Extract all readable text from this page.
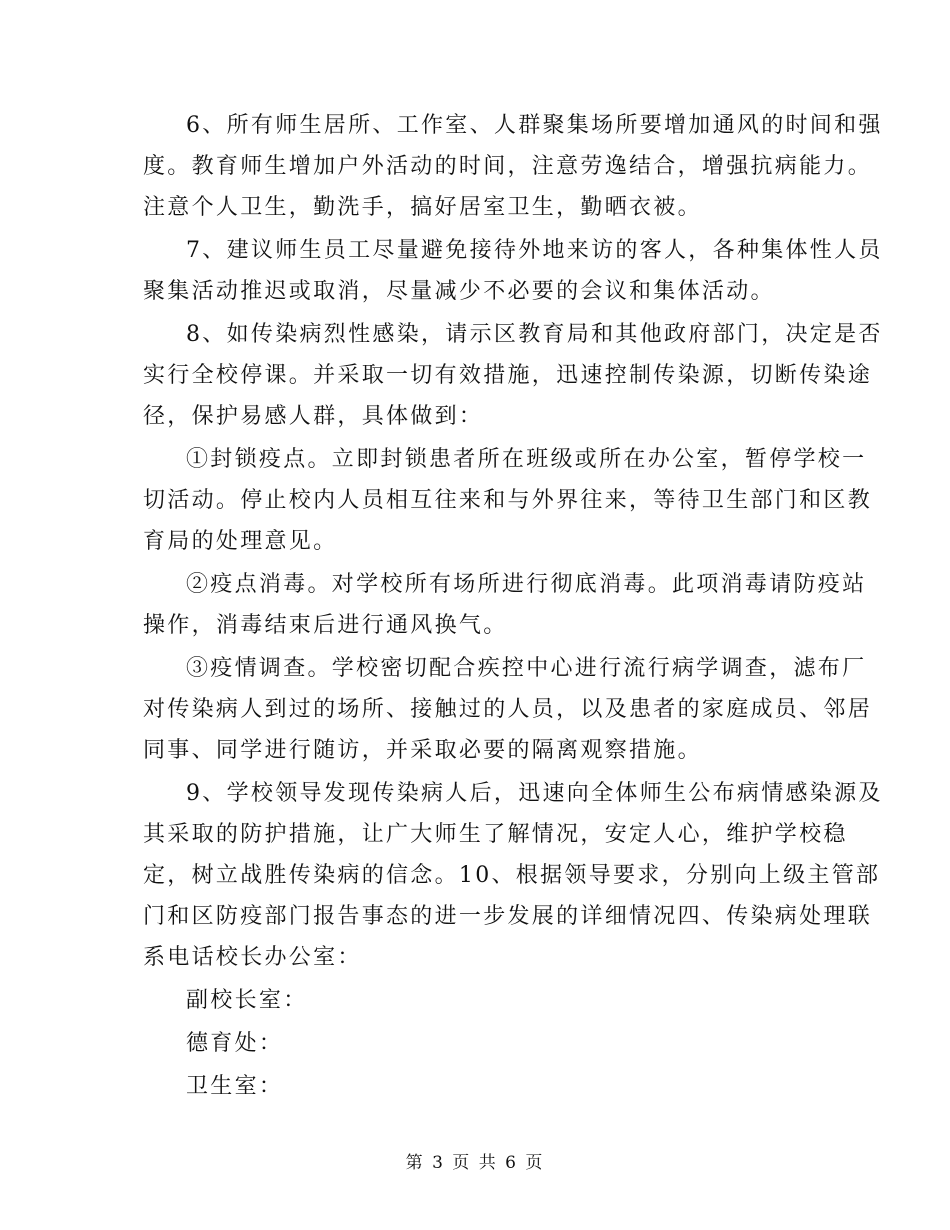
6、所有师生居所、工作室、人群聚集场所要增加通风的时间和强
度。教育师生增加户外活动的时间，注意劳逸结合，增强抗病能力。
注意个人卫生，勤洗手，搞好居室卫生，勤晒衣被。
7、建议师生员工尽量避免接待外地来访的客人，各种集体性人员
聚集活动推迟或取消，尽量减少不必要的会议和集体活动。
8、如传染病烈性感染，请示区教育局和其他政府部门，决定是否
实行全校停课。并采取一切有效措施，迅速控制传染源，切断传染途
径，保护易感人群，具体做到：
①封锁疫点。立即封锁患者所在班级或所在办公室，暂停学校一
切活动。停止校内人员相互往来和与外界往来，等待卫生部门和区教
育局的处理意见。
②疫点消毒。对学校所有场所进行彻底消毒。此项消毒请防疫站
操作，消毒结束后进行通风换气。
③疫情调查。学校密切配合疾控中心进行流行病学调查，滤布厂
对传染病人到过的场所、接触过的人员，以及患者的家庭成员、邻居
同事、同学进行随访，并采取必要的隔离观察措施。
9、学校领导发现传染病人后，迅速向全体师生公布病情感染源及
其采取的防护措施，让广大师生了解情况，安定人心，维护学校稳
定，树立战胜传染病的信念。10、根据领导要求，分别向上级主管部
门和区防疫部门报告事态的进一步发展的详细情况四、传染病处理联
系电话校长办公室：
副校长室：
德育处：
卫生室：
第 3 页 共 6 页
